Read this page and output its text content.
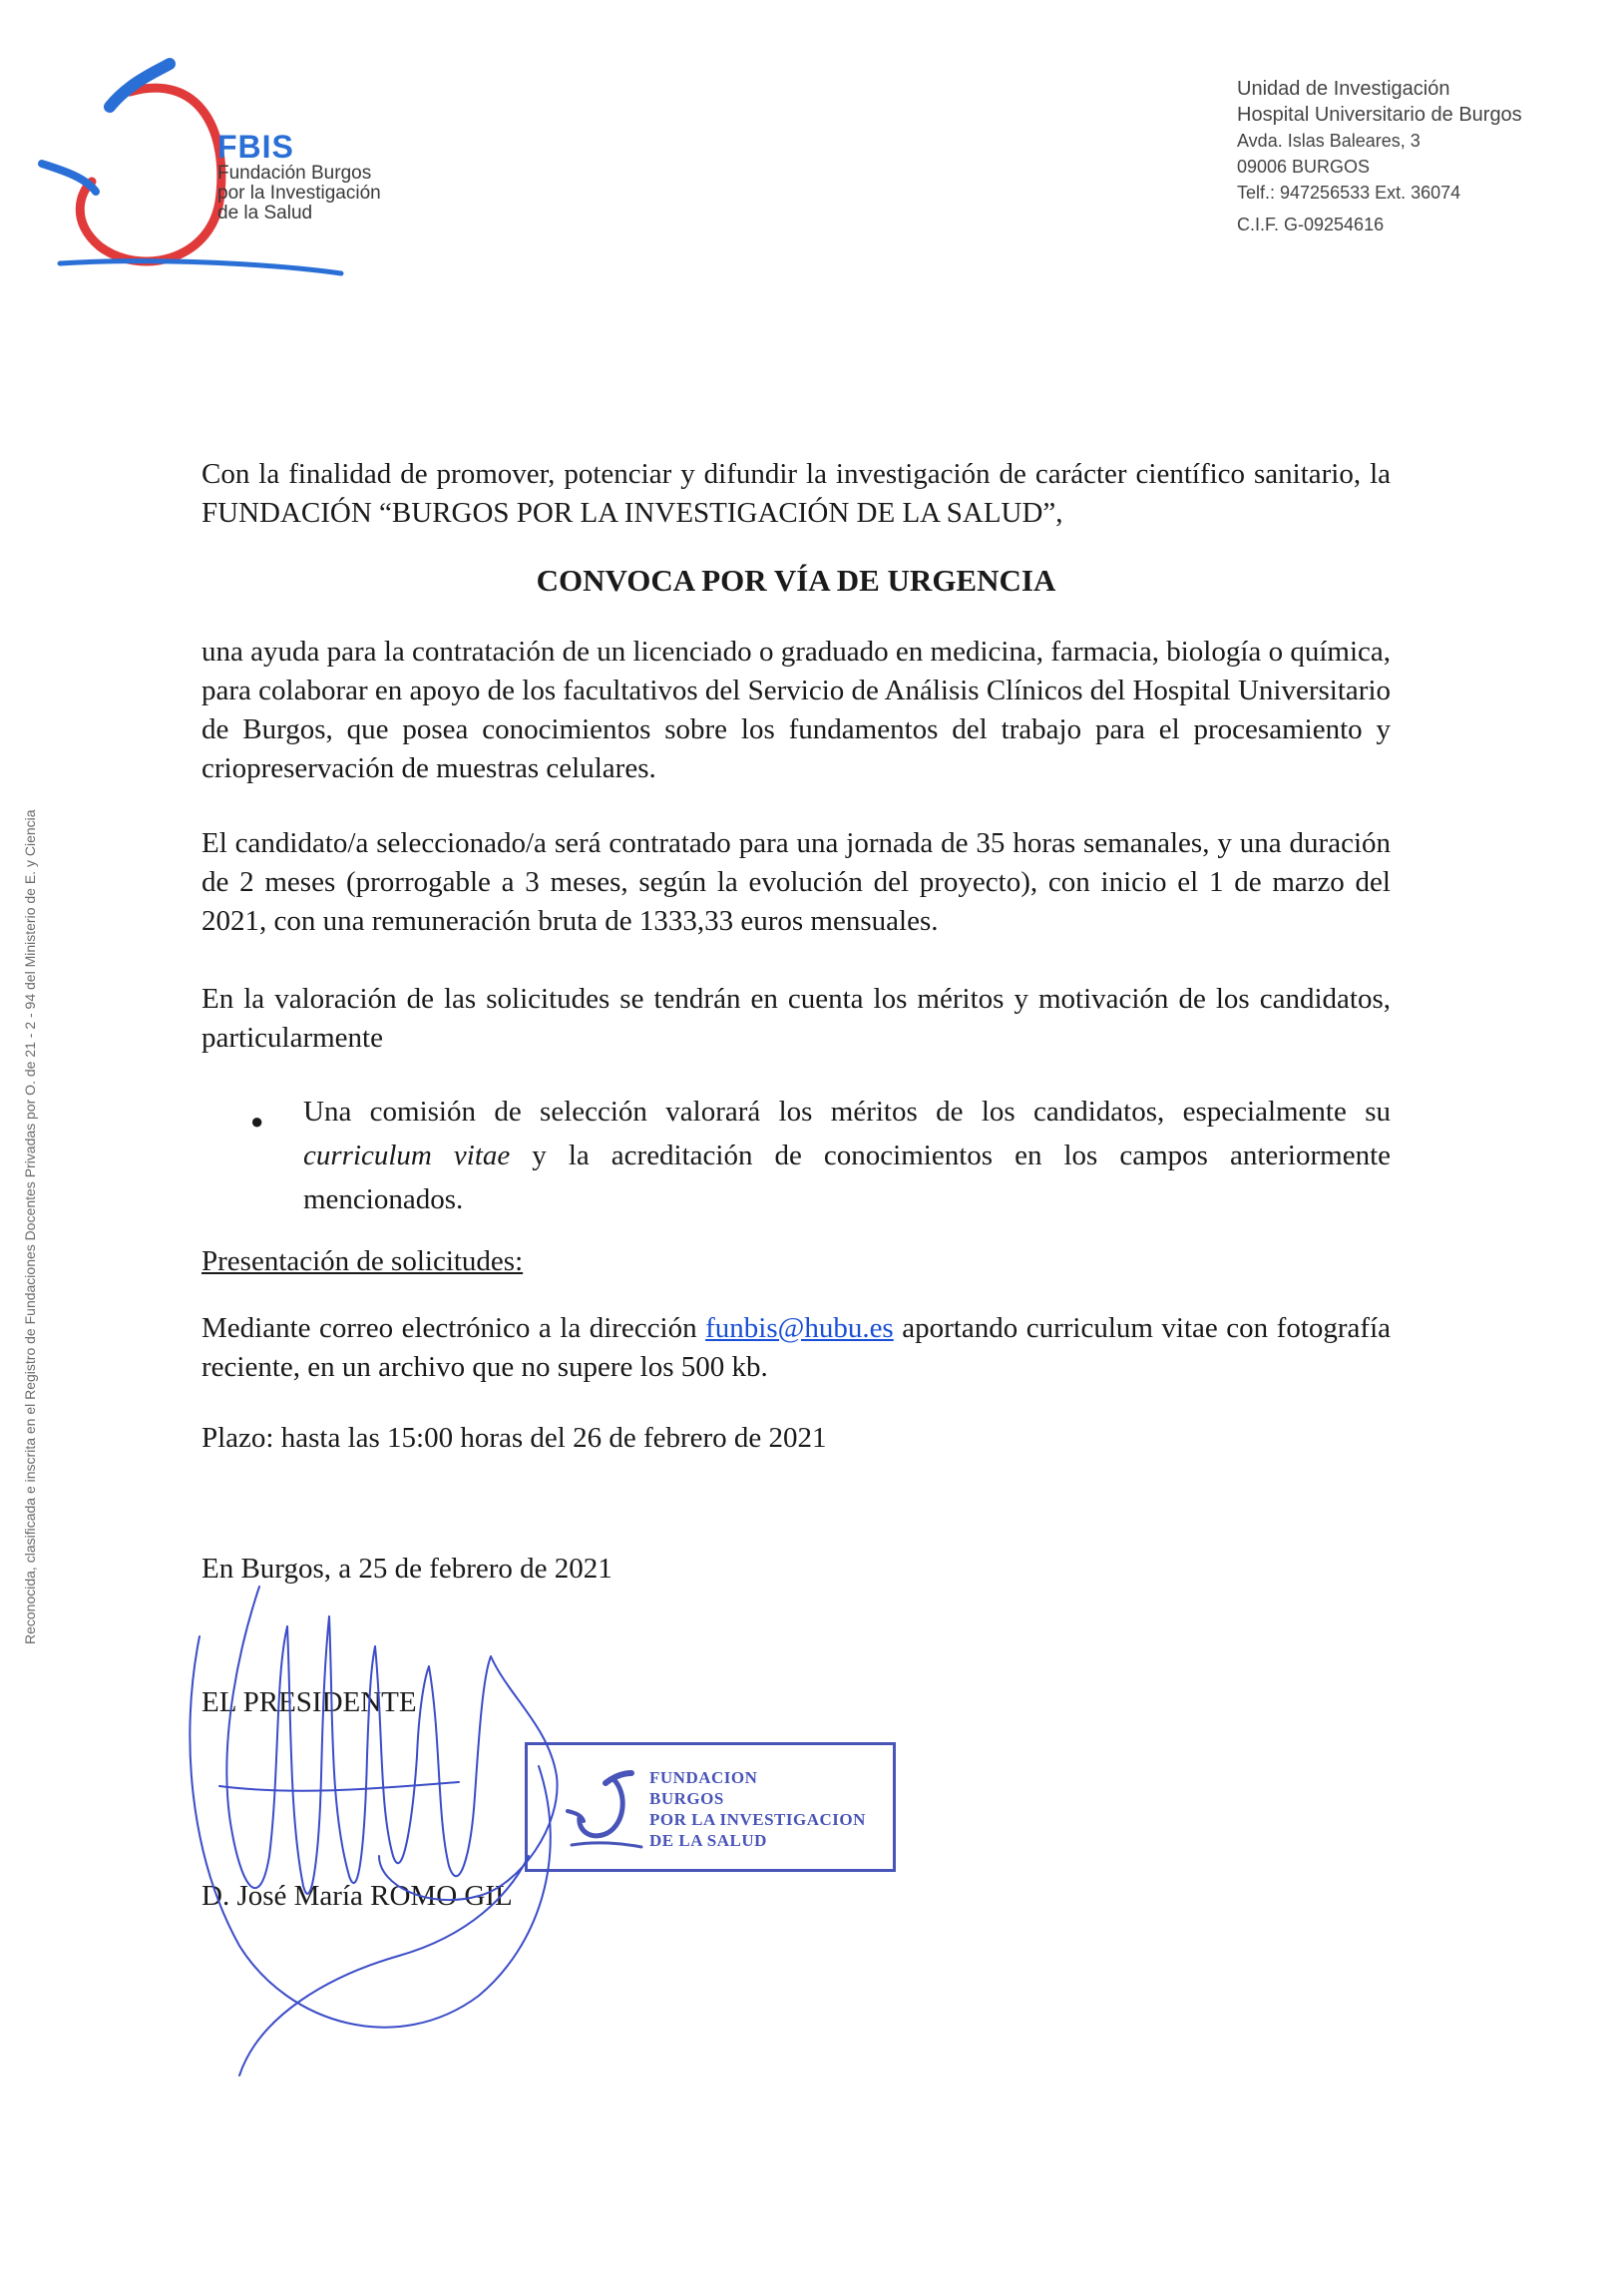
FBIS
Fundación Burgos
por la Investigación
de la Salud
Unidad de Investigación
Hospital Universitario de Burgos
Avda. Islas Baleares, 3
09006 BURGOS
Telf.: 947256533 Ext. 36074
C.I.F. G-09254616
Reconocida, clasificada e inscrita en el Registro de Fundaciones Docentes Privadas por O. de 21 - 2 - 94 del Ministerio de E. y Ciencia

Con la finalidad de promover, potenciar y difundir la investigación de carácter científico sanitario, la FUNDACIÓN “BURGOS POR LA INVESTIGACIÓN DE LA SALUD”,

CONVOCA POR VÍA DE URGENCIA

una ayuda para la contratación de un licenciado o graduado en medicina, farmacia, biología o química, para colaborar en apoyo de los facultativos del Servicio de Análisis Clínicos del Hospital Universitario de Burgos, que posea conocimientos sobre los fundamentos del trabajo para el procesamiento y criopreservación de muestras celulares.

El candidato/a seleccionado/a será contratado para una jornada de 35 horas semanales, y una duración de 2 meses (prorrogable a 3 meses, según la evolución del proyecto), con inicio el 1 de marzo del 2021, con una remuneración bruta de 1333,33 euros mensuales.

En la valoración de las solicitudes se tendrán en cuenta los méritos y motivación de los candidatos, particularmente

● Una comisión de selección valorará los méritos de los candidatos, especialmente su curriculum vitae y la acreditación de conocimientos en los campos anteriormente mencionados.
Presentación de solicitudes:

Mediante correo electrónico a la dirección funbis@hubu.es aportando curriculum vitae con fotografía reciente, en un archivo que no supere los 500 kb.

Plazo: hasta las 15:00 horas del 26 de febrero de 2021

En Burgos, a 25 de febrero de 2021
EL PRESIDENTE
D. José María ROMO GIL
FUNDACION
BURGOS
POR LA INVESTIGACION
DE LA SALUD
